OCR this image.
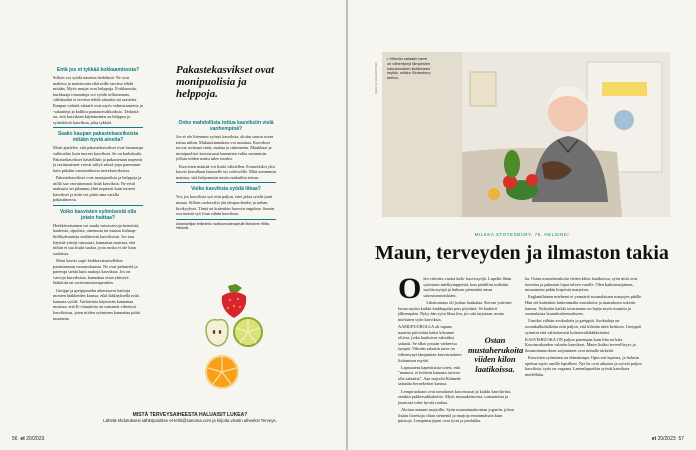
Entä jos et tykkää kokkaamisesta?

Silloin voi syödä nasretta tiedelmiä. Ne ovat maketta ja maisteruita eikä niille tarvitse tehdä mitään. Myös marjat ovat helppoja. Porkkanoita, kurkkuaja tomaatteja voi syödä sellaisenaan, välttämättä ei tarvitse tehdä salaattia tai raastetta. Kaupan valmiit salaatit ovat myös valmisraasteita ja -salaatteja ja kalliita puutaurivalikoiksia. Tärkintä on, että kasviksen käyttäminen on helppoa ja syötettäviä kasviksia, joka tykkää.

Saako kaupan pakastekasviksista mitään hyviä aineita?

Moni ajattelee, että pakastekasvikset ovat huonompi vaihtoehto kuin tuoreet kasvikset. Se on harhaluulo. Pakastekasvikset käsitellään ja pakastetaan nopeasti ja ravintoaineet voivat säilyä niissä jopa paremmin kuin pitkään varastoiduissa tuorekasviksissa.

Pakastekasvikset ovat monipuolisia ja helppoja ja niillä saa vaivattomasti lisää kasviksia. Ne eivät maksuisi tai pilaannu yhtä nopeasti kuin tuoreet kasvikset ja niitä voi pitää aina varalla pakastimessa.

Voiko kasvisten syömisestä olla jotain haittaa?

Herkkävatsainen voi saada vatsavaivoja herneistä, kaaleista, sipulista, omenasta tai muista fodmap- hiilihydraatteja sisältävistä kasviksista. Jos taas käyttää yrttejä runsaasti, kannattaa muistaa, että niihin ei saa lisätä suolaa, jotta ruoka ei ole liian suolaista.

Moni kasvis sopii herkkävatsaisellekin parantamaan ruoansulatusta. Ne ovat pehmeitä ja parempi sietää kuin raakoja kasviksia. Jos on vaivoja kasviksista, kannattaa ottaa yhteyttä lääkäriin tai ravitsemusterapeuttiin.

Greippi ja greippimehu aiheuttavat haittoja monien lääkkeiden kanssa, eikä lääkityksellä niitä kannata syödä. Varfariinia käyttävän kannattaa muistaa, että K-vitamiinia on runsaasti vihreissä kasviksissa, joten niiden syöminen kannattaa pitää tasaisena.

Pakastekasvikset ovat monipuolisia ja helppoja.
Onko mahdollista tottua kasviksiin vielä vanhempinä?

Jos et ole liiemmin syönyt kasviksia, aloitat suurin osoin tottua niihin. Makutottumuksia voi muuttaa. Kasvikset tuovat ruokaan väriä, makua ja rakennetta. Maukkaat ja monipuoliset kasvisruoat kannattaa valita useammin, jolloin niiden maku tulee tutuksi.

Kasvisten määrää voi lisätä vähitellen. Esimerkiksi yksi kasvis kerrallaan lautaselle tai voileivälle. Mitä useammin maistaa, sitä helpommin uusiin makuihin tottuu.

Voiko kasviksia syödä liikaa?

Voi, jos kasviksia syö niin paljon, ettei jaksa syödä juuri muuta. Silloin ruokavalio jää yksipuoliseksi ja tarhan kivikyykset. Tämä on kuitenkin harvoin ongelma. Suurin osa meistä syö liian vähän kasviksia.

Asiantuntijan teilledelto ravitsumusterapeutti Marianne Hiltta, Helsinki.

MISTÄ TERVEYSAIHEESTA HALUAISIT LUKEA?
Lähetä ehdotuksesi sähköpostitse et-lehti@sanoma.com ja kirjoita viestin aiheeksi Terveys.
56 et 20/2023
KUVA: SANNA LEHTONEN
• Vihreän salaatin tarve on vähentynyt lämpimien kasvisruokien lisäämisen myötä, miikko Stotesbury kertoo.
MILKKA STOTESBURY, 75, HELSINKI
Maun, terveyden ja ilmaston takia
O len viitoista vuotta kala- kasvissyöjä. Lupelin lihan syömisen mielkymppeistä, kun päätiltini todettiin suolistosyöpä ja halusin pienentää omaa sairastumisriskiäni.

Lihattomuus oli joskus hankalaa. Kerran ystäväni luona myöin kaikki kinkkupalat pois pöytästä. Se kaduttii jälkeenpäin. Nyky ään syön lihaa kin, jos sitä tarjotaan, mutta mieluiten syön kasviksia.

AAMUPUUROLLA oli tapana naarttia päivittäin kaksi kiloanne oliivia, jotka kuuluivat valmiiksi salaatti. Se alkoi jossain vaiheessa tympiä. Vihreän salaatin tarve on vähentynyt lämpimien kasvisruokien lisäämisen myötä.

Lapsuuteni kapeuksista totesi, että "mammi, ei kohtein kannata tarvitse olla salaattia". Aan tarjoobi Käänetle salaatita herneketton kanssa.

Lempiruokiani ovat tomalaiset kasvisruoat ja kaikki kasvikeitot, etenkin pakkersakkakeitto. Myös mumakeitoosta, tomaateista ja juustosta tulee hyvää ruokaa.

Aloitan aamuni marjoilla. Syön muustamattorman jogurtin, johon lisään fiorettaja chian siemeniä ja marjoja ensimmäisiin kuin puistoja. Lempimarjojani ovat tyrni ja puolukka.

Ostan mustaherukoita viiden kilon laatikoissa.

ka. Ostan mustaherukoita viiden kilon laatikoissa, syön niitä ovat tuoreina ja pakastan lopat talven varalle. Olen kaiksimarjainen, muuramien pidän kirpeistä marjoista.

Englantilainen miehemi ei ymmärtä suomalaisten marjojen päälle. Hän söi kuitenkin laskemmalta mustikoita ja mansikoita sokerin kanssa. Nykyään kaikki tavaramme on lajeja myös mumiin ja suomalaista lautaskoskennokseen.

Uuniksi välttän avokadoita ja greippiä. Avokadoja on ruoankulkuhalkeita niin paljon, että kilistän niitä keittoon. Greippiä syömiin eitä valitettavasti kolesterolilääkkeistäni.

KASVISRUOKA ON paljon parempaa kuin liha tai kala. Kasvinsakauden valmiin kasvikset. Maun lisäksi terveellisyys ja ilmastomuutoksen torjuminen ovat minulle tärkeitä.

Kasvisten syöminen on elämäntapa. Opin sen lapsena, ja halusin opettaa myös omille lapsilleni. Nyt he ovat aikuisia ja syövät paljon kasviksia, tytär on vegaani. Lastenlapsetkin syövät kasviksia mielellään.

et 20/2023 57
